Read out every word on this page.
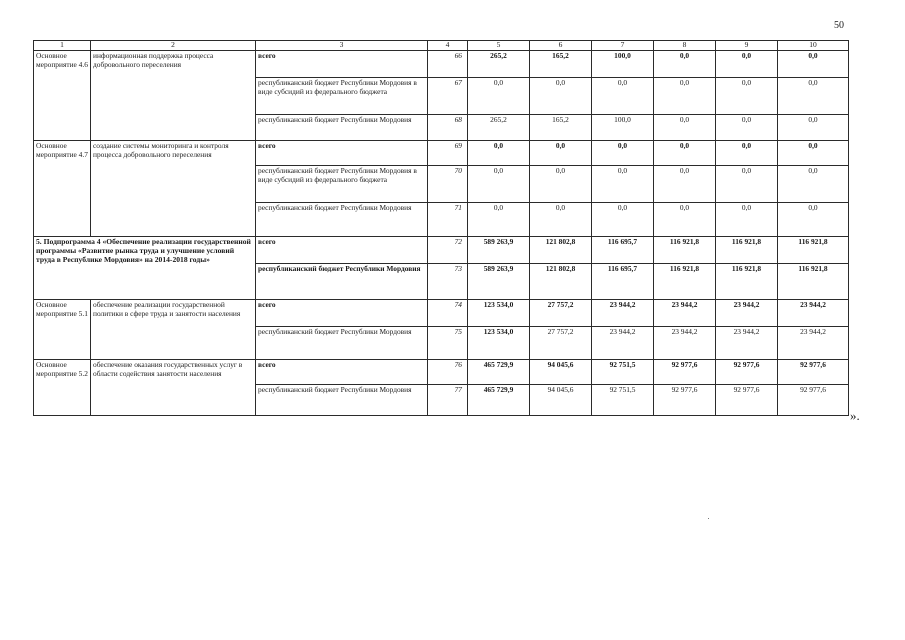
50
1	2	3	4	5	6	7	8	9	10
Основное мероприятие 4.6	информационная поддержка процесса добровольного переселения	всего	66	265,2	165,2	100,0	0,0	0,0	0,0
		республиканский бюджет Республики Мордовия в виде субсидий из федерального бюджета	67	0,0	0,0	0,0	0,0	0,0	0,0
		республиканский бюджет Республики Мордовия	68	265,2	165,2	100,0	0,0	0,0	0,0
Основное мероприятие 4.7	создание системы мониторинга и контроля процесса добровольного переселения	всего	69	0,0	0,0	0,0	0,0	0,0	0,0
		республиканский бюджет Республики Мордовия в виде субсидий из федерального бюджета	70	0,0	0,0	0,0	0,0	0,0	0,0
		республиканский бюджет Республики Мордовия	71	0,0	0,0	0,0	0,0	0,0	0,0
5. Подпрограмма 4 «Обеспечение реализации государственной программы «Развитие рынка труда и улучшение условий труда в Республике Мордовия» на 2014-2018 годы»		всего	72	589 263,9	121 802,8	116 695,7	116 921,8	116 921,8	116 921,8
		республиканский бюджет Республики Мордовия	73	589 263,9	121 802,8	116 695,7	116 921,8	116 921,8	116 921,8
Основное мероприятие 5.1	обеспечение реализации государственной политики в сфере труда и занятости населения	всего	74	123 534,0	27 757,2	23 944,2	23 944,2	23 944,2	23 944,2
		республиканский бюджет Республики Мордовия	75	123 534,0	27 757,2	23 944,2	23 944,2	23 944,2	23 944,2
Основное мероприятие 5.2	обеспечение оказания государственных услуг в области содействия занятости населения	всего	76	465 729,9	94 045,6	92 751,5	92 977,6	92 977,6	92 977,6
		республиканский бюджет Республики Мордовия	77	465 729,9	94 045,6	92 751,5	92 977,6	92 977,6	92 977,6
».
